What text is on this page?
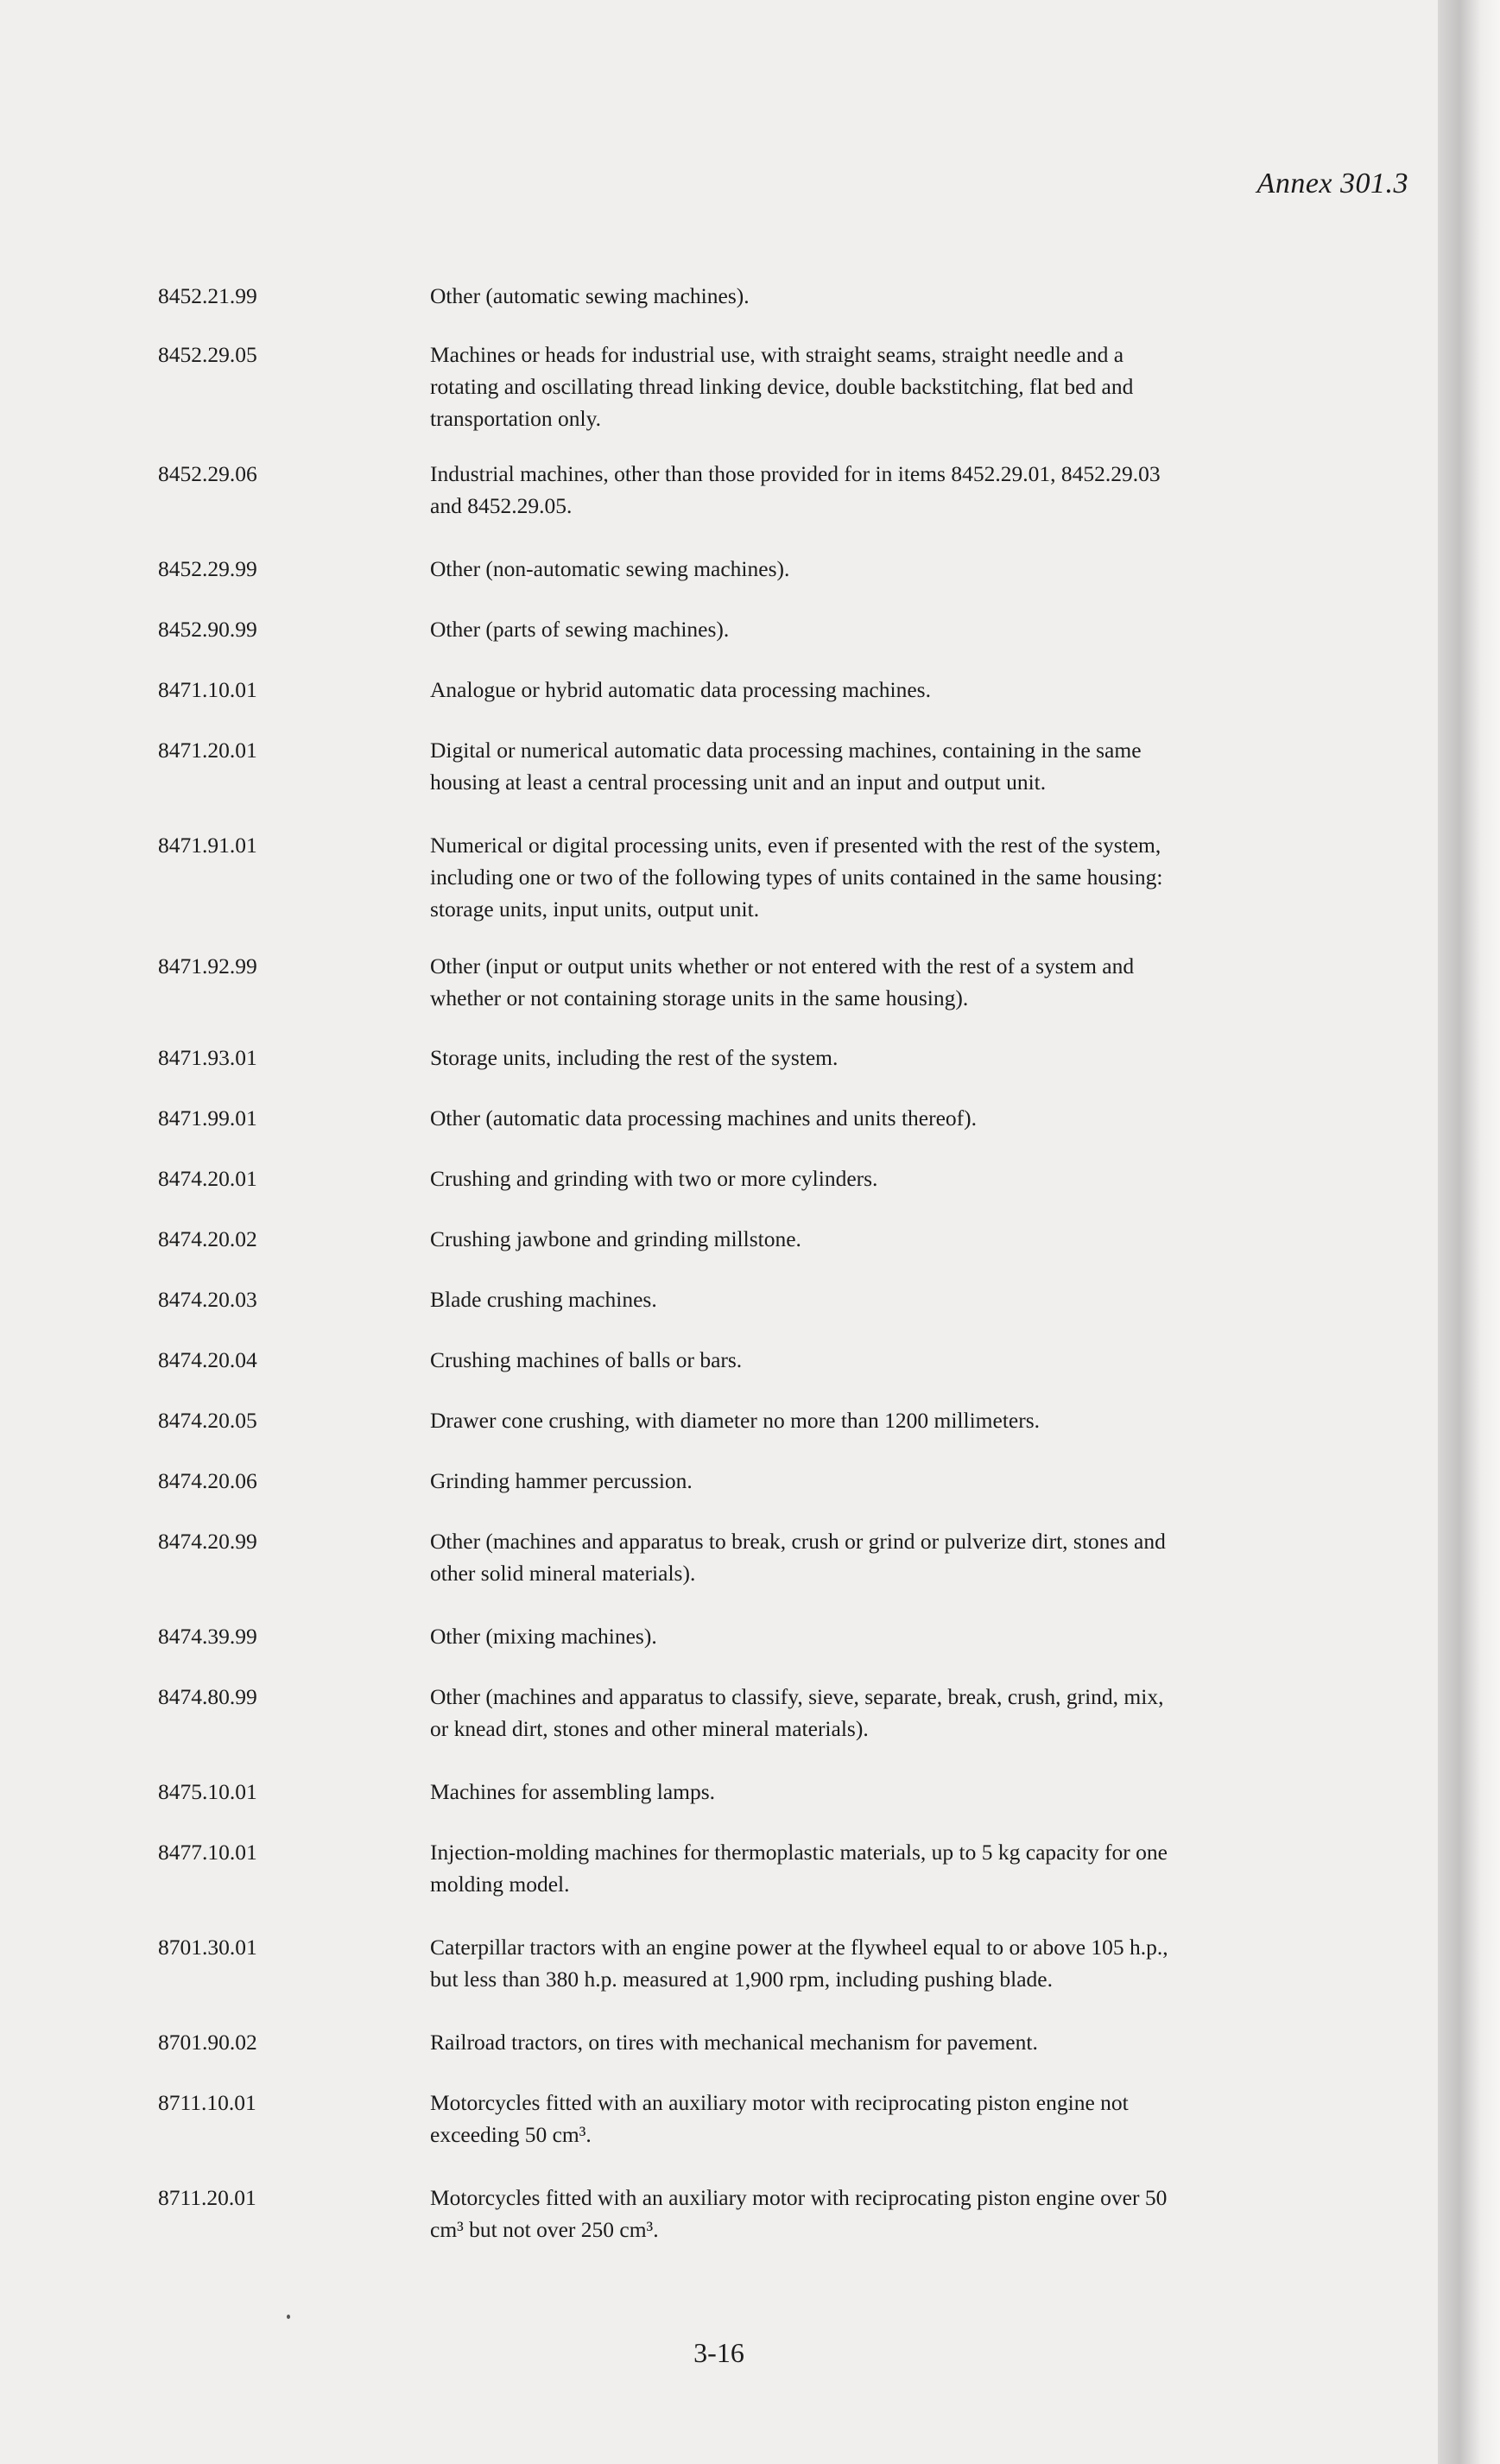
Annex 301.3
8452.21.99	Other (automatic sewing machines).
8452.29.05	Machines or heads for industrial use, with straight seams, straight needle and a
rotating and oscillating thread linking device, double backstitching, flat bed and
transportation only.
8452.29.06	Industrial machines, other than those provided for in items 8452.29.01, 8452.29.03
and 8452.29.05.
8452.29.99	Other (non-automatic sewing machines).
8452.90.99	Other (parts of sewing machines).
8471.10.01	Analogue or hybrid automatic data processing machines.
8471.20.01	Digital or numerical automatic data processing machines, containing in the same
housing at least a central processing unit and an input and output unit.
8471.91.01	Numerical or digital processing units, even if presented with the rest of the system,
including one or two of the following types of units contained in the same housing:
storage units, input units, output unit.
8471.92.99	Other (input or output units whether or not entered with the rest of a system and
whether or not containing storage units in the same housing).
8471.93.01	Storage units, including the rest of the system.
8471.99.01	Other (automatic data processing machines and units thereof).
8474.20.01	Crushing and grinding with two or more cylinders.
8474.20.02	Crushing jawbone and grinding millstone.
8474.20.03	Blade crushing machines.
8474.20.04	Crushing machines of balls or bars.
8474.20.05	Drawer cone crushing, with diameter no more than 1200 millimeters.
8474.20.06	Grinding hammer percussion.
8474.20.99	Other (machines and apparatus to break, crush or grind or pulverize dirt, stones and
other solid mineral materials).
8474.39.99	Other (mixing machines).
8474.80.99	Other (machines and apparatus to classify, sieve, separate, break, crush, grind, mix,
or knead dirt, stones and other mineral materials).
8475.10.01	Machines for assembling lamps.
8477.10.01	Injection-molding machines for thermoplastic materials, up to 5 kg capacity for one
molding model.
8701.30.01	Caterpillar tractors with an engine power at the flywheel equal to or above 105 h.p.,
but less than 380 h.p. measured at 1,900 rpm, including pushing blade.
8701.90.02	Railroad tractors, on tires with mechanical mechanism for pavement.
8711.10.01	Motorcycles fitted with an auxiliary motor with reciprocating piston engine not
exceeding 50 cm³.
8711.20.01	Motorcycles fitted with an auxiliary motor with reciprocating piston engine over 50
cm³ but not over 250 cm³.
3-16
